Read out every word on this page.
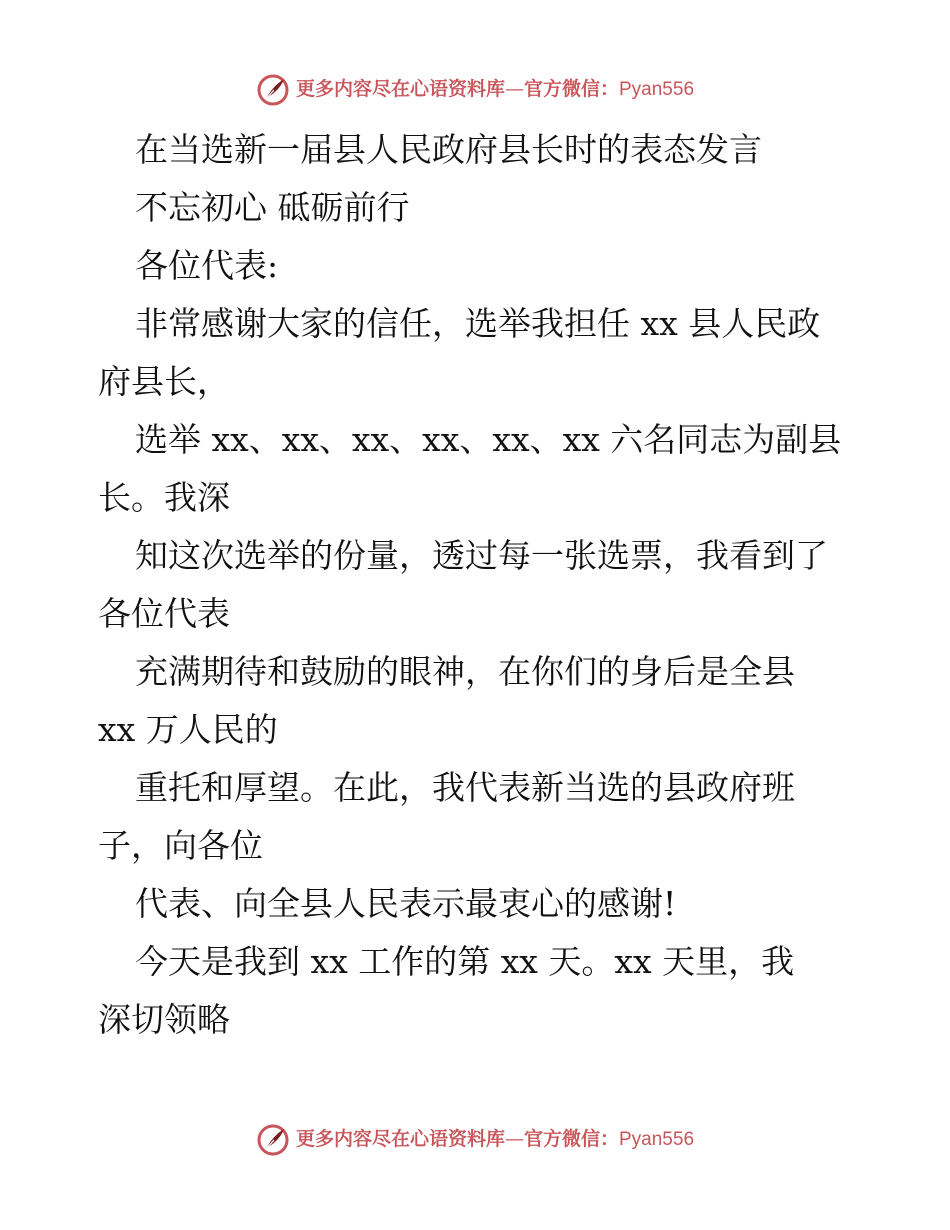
更多内容尽在心语资料库—官方微信：Pyan556
在当选新一届县人民政府县长时的表态发言
不忘初心 砥砺前行
各位代表:
非常感谢大家的信任，选举我担任 xx 县人民政
府县长，
选举 xx、xx、xx、xx、xx、xx 六名同志为副县
长。我深
知这次选举的份量，透过每一张选票，我看到了
各位代表
充满期待和鼓励的眼神，在你们的身后是全县
xx 万人民的
重托和厚望。在此，我代表新当选的县政府班
子，向各位
代表、向全县人民表示最衷心的感谢!
今天是我到 xx 工作的第 xx 天。xx 天里，我
深切领略
更多内容尽在心语资料库—官方微信：Pyan556
